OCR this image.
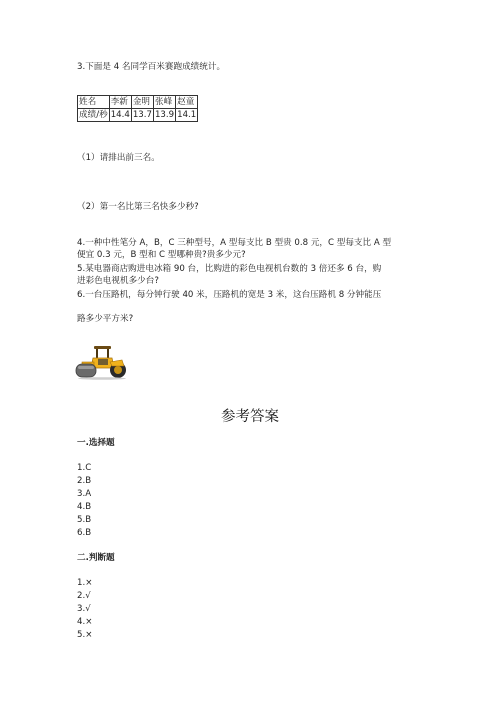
3.下面是 4 名同学百米赛跑成绩统计。
姓名	李新	金明	张峰	赵童
成绩/秒	14.4	13.7	13.9	14.1
（1）请排出前三名。
（2）第一名比第三名快多少秒?
4.一种中性笔分 A，B，C 三种型号，A 型每支比 B 型贵 0.8 元，C 型每支比 A 型
便宜 0.3 元，B 型和 C 型哪种贵?贵多少元?
5.某电器商店购进电冰箱 90 台，比购进的彩色电视机台数的 3 倍还多 6 台，购
进彩色电视机多少台?
6.一台压路机，每分钟行驶 40 米，压路机的宽是 3 米，这台压路机 8 分钟能压
路多少平方米?
参考答案
一.选择题
1.C
2.B
3.A
4.B
5.B
6.B
二.判断题
1.×
2.√
3.√
4.×
5.×
